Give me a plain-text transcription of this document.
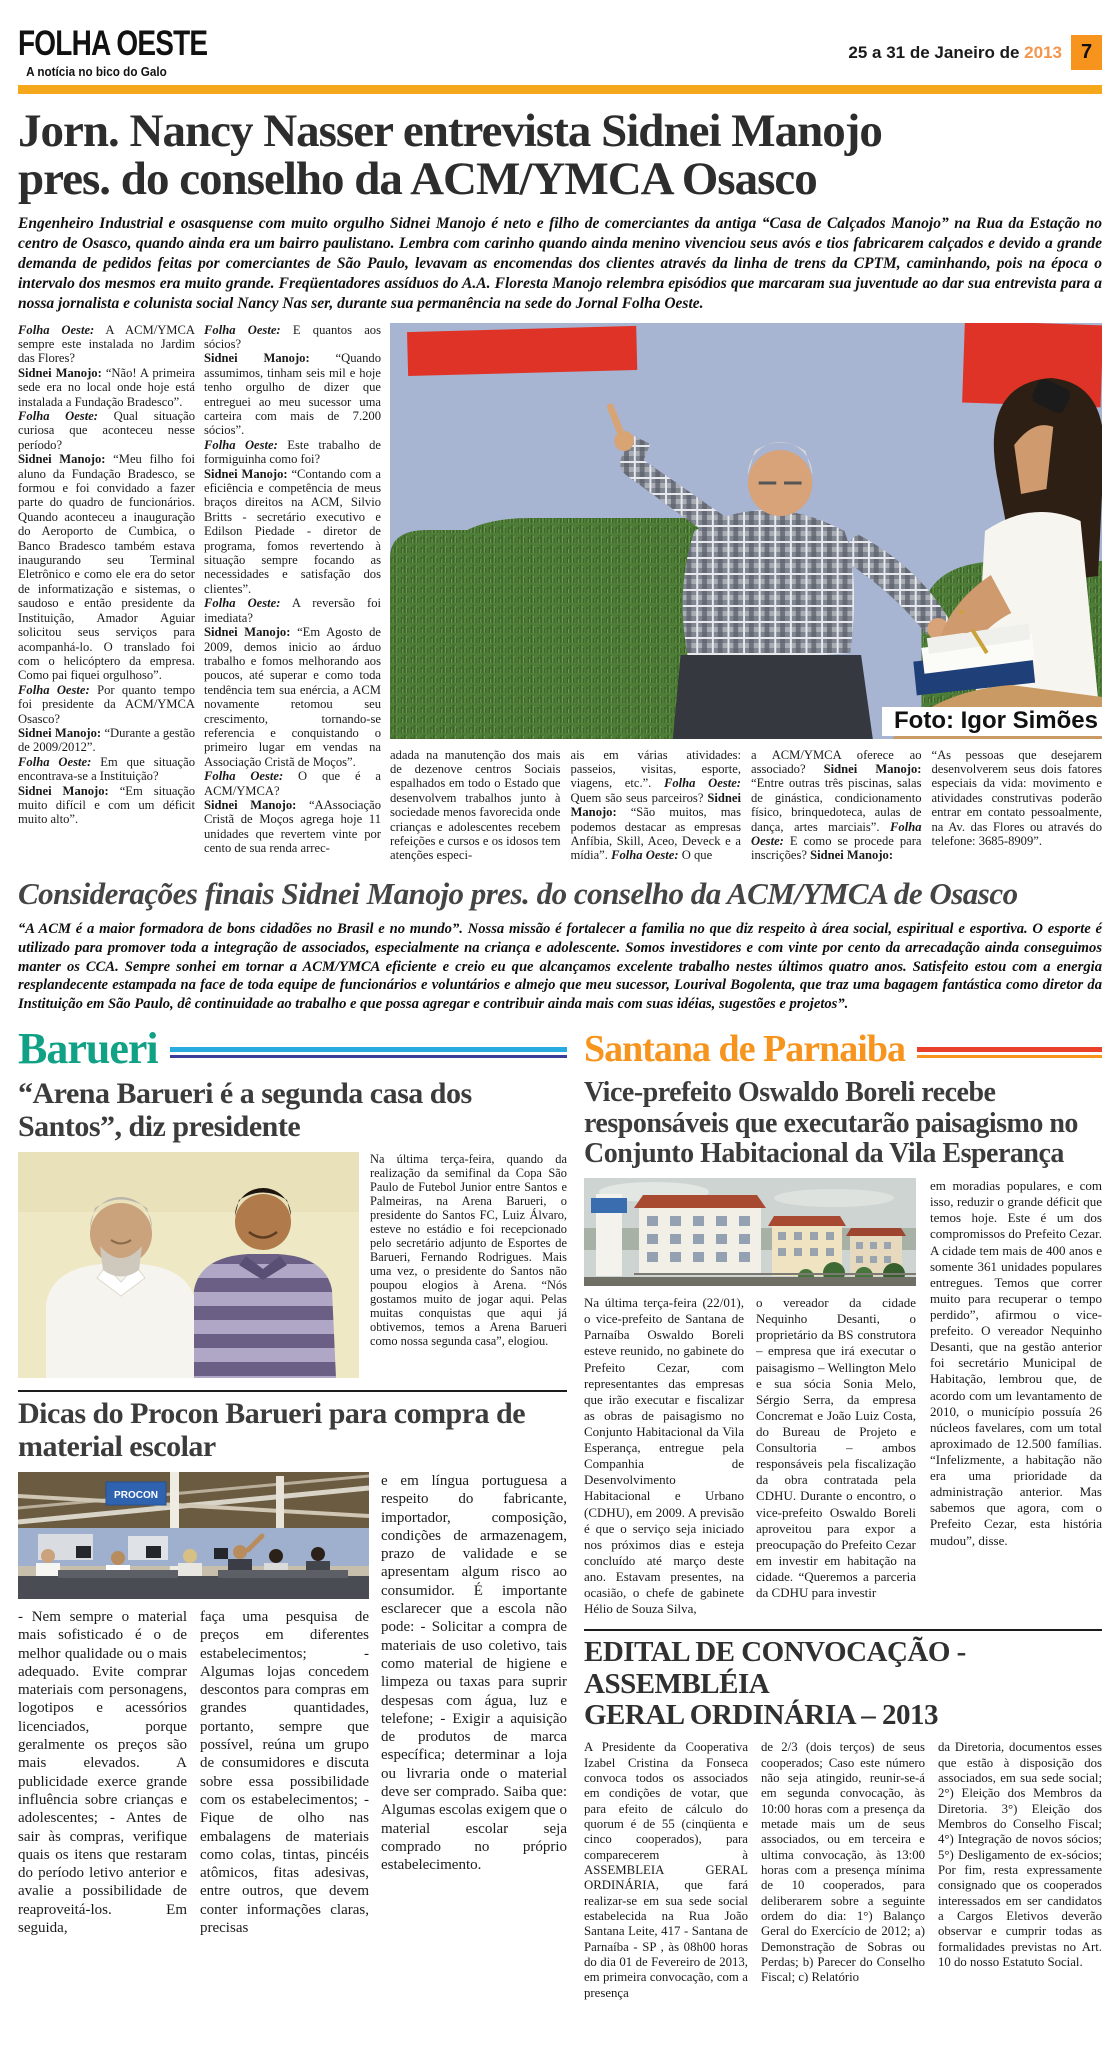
FOLHA OESTE
A notícia no bico do Galo
25 a 31 de Janeiro de 2013 7
Jorn. Nancy Nasser entrevista Sidnei Manojo
pres. do conselho da ACM/YMCA Osasco

Engenheiro Industrial e osasquense com muito orgulho Sidnei Manojo é neto e filho de comerciantes da antiga “Casa de Calçados Manojo” na Rua da Estação no centro de Osasco, quando ainda era um bairro paulistano. Lembra com carinho quando ainda menino vivenciou seus avós e tios fabricarem calçados e devido a grande demanda de pedidos feitas por comerciantes de São Paulo, levavam as encomendas dos clientes através da linha de trens da CPTM, caminhando, pois na época o intervalo dos mesmos era muito grande. Freqüentadores assíduos do A.A. Floresta Manojo relembra episódios que marcaram sua juventude ao dar sua entrevista para a nossa jornalista e colunista social Nancy Nas ser, durante sua permanência na sede do Jornal Folha Oeste.

Folha Oeste: A ACM/YMCA sempre este instalada no Jardim das Flores?
Sidnei Manojo: “Não! A primeira sede era no local onde hoje está instalada a Fundação Bradesco”.
Folha Oeste: Qual situação curiosa que aconteceu nesse período?
Sidnei Manojo: “Meu filho foi aluno da Fundação Bradesco, se formou e foi convidado a fazer parte do quadro de funcionários. Quando aconteceu a inauguração do Aeroporto de Cumbica, o Banco Bradesco também estava inaugurando seu Terminal Eletrônico e como ele era do setor de informatização e sistemas, o saudoso e então presidente da Instituição, Amador Aguiar solicitou seus serviços para acompanhá-lo. O translado foi com o helicóptero da empresa. Como pai fiquei orgulhoso”.
Folha Oeste: Por quanto tempo foi presidente da ACM/YMCA Osasco?
Sidnei Manojo: “Durante a gestão de 2009/2012”.
Folha Oeste: Em que situação encontrava-se a Instituição?
Sidnei Manojo: “Em situação muito difícil e com um déficit muito alto”.
Folha Oeste: E quantos aos sócios?
Sidnei Manojo: “Quando assumimos, tinham seis mil e hoje tenho orgulho de dizer que entreguei ao meu sucessor uma carteira com mais de 7.200 sócios”.
Folha Oeste: Este trabalho de formiguinha como foi?
Sidnei Manojo: “Contando com a eficiência e competência de meus braços direitos na ACM, Silvio Britts - secretário executivo e Edilson Piedade - diretor de programa, fomos revertendo à situação sempre focando as necessidades e satisfação dos clientes”.
Folha Oeste: A reversão foi imediata?
Sidnei Manojo: “Em Agosto de 2009, demos inicio ao árduo trabalho e fomos melhorando aos poucos, até superar e como toda tendência tem sua enércia, a ACM novamente retomou seu crescimento, tornando-se referencia e conquistando o primeiro lugar em vendas na Associação Cristã de Moços”.
Folha Oeste: O que é a ACM/YMCA?
Sidnei Manojo: “AAssociação Cristã de Moços agrega hoje 11 unidades que revertem vinte por cento de sua renda arrec-
Foto: Igor Simões
adada na manutenção dos mais de dezenove centros Sociais espalhados em todo o Estado que desenvolvem trabalhos junto à sociedade menos favorecida onde crianças e adolescentes recebem refeições e cursos e os idosos tem atenções especi-
ais em várias atividades: passeios, visitas, esporte, viagens, etc.”. Folha Oeste: Quem são seus parceiros? Sidnei Manojo: “São muitos, mas podemos destacar as empresas Anfíbia, Skill, Aceo, Deveck e a mídia”. Folha Oeste: O que
a ACM/YMCA oferece ao associado? Sidnei Manojo: “Entre outras três piscinas, salas de ginástica, condicionamento físico, brinquedoteca, aulas de dança, artes marciais”. Folha Oeste: E como se procede para inscrições? Sidnei Manojo:
“As pessoas que desejarem desenvolverem seus dois fatores especiais da vida: movimento e atividades construtivas poderão entrar em contato pessoalmente, na Av. das Flores ou através do telefone: 3685-8909”.
Considerações finais Sidnei Manojo pres. do conselho da ACM/YMCA de Osasco

“A ACM é a maior formadora de bons cidadões no Brasil e no mundo”. Nossa missão é fortalecer a familia no que diz respeito à área social, espiritual e esportiva. O esporte é utilizado para promover toda a integração de associados, especialmente na criança e adolescente. Somos investidores e com vinte por cento da arrecadação ainda conseguimos manter os CCA. Sempre sonhei em tornar a ACM/YMCA eficiente e creio eu que alcançamos excelente trabalho nestes últimos quatro anos. Satisfeito estou com a energia resplandecente estampada na face de toda equipe de funcionários e voluntários e almejo que meu sucessor, Lourival Bogolenta, que traz uma bagagem fantástica como diretor da Instituição em São Paulo, dê continuidade ao trabalho e que possa agregar e contribuir ainda mais com suas idéias, sugestões e projetos”.

Barueri
“Arena Barueri é a segunda casa dos Santos”, diz presidente
Na última terça-feira, quando da realização da semifinal da Copa São Paulo de Futebol Junior entre Santos e Palmeiras, na Arena Barueri, o presidente do Santos FC, Luiz Álvaro, esteve no estádio e foi recepcionado pelo secretário adjunto de Esportes de Barueri, Fernando Rodrigues. Mais uma vez, o presidente do Santos não poupou elogios à Arena. “Nós gostamos muito de jogar aqui. Pelas muitas conquistas que aqui já obtivemos, temos a Arena Barueri como nossa segunda casa”, elogiou.
Dicas do Procon Barueri para compra de material escolar
PROCON
- Nem sempre o material mais sofisticado é o de melhor qualidade ou o mais adequado. Evite comprar materiais com personagens, logotipos e acessórios licenciados, porque geralmente os preços são mais elevados. A publicidade exerce grande influência sobre crianças e adolescentes; - Antes de sair às compras, verifique quais os itens que restaram do período letivo anterior e avalie a possibilidade de reaproveitá-los. Em seguida,
faça uma pesquisa de preços em diferentes estabelecimentos; - Algumas lojas concedem descontos para compras em grandes quantidades, portanto, sempre que possível, reúna um grupo de consumidores e discuta sobre essa possibilidade com os estabelecimentos; - Fique de olho nas embalagens de materiais como colas, tintas, pincéis atômicos, fitas adesivas, entre outros, que devem conter informações claras, precisas
e em língua portuguesa a respeito do fabricante, importador, composição, condições de armazenagem, prazo de validade e se apresentam algum risco ao consumidor. É importante esclarecer que a escola não pode: - Solicitar a compra de materiais de uso coletivo, tais como material de higiene e limpeza ou taxas para suprir despesas com água, luz e telefone; - Exigir a aquisição de produtos de marca específica; determinar a loja ou livraria onde o material deve ser comprado. Saiba que: Algumas escolas exigem que o material escolar seja comprado no próprio estabelecimento.
Santana de Parnaiba
Vice-prefeito Oswaldo Boreli recebe responsáveis que executarão paisagismo no Conjunto Habitacional da Vila Esperança
Na última terça-feira (22/01), o vice-prefeito de Santana de Parnaíba Oswaldo Boreli esteve reunido, no gabinete do Prefeito Cezar, com representantes das empresas que irão executar e fiscalizar as obras de paisagismo no Conjunto Habitacional da Vila Esperança, entregue pela Companhia de Desenvolvimento Habitacional e Urbano (CDHU), em 2009. A previsão é que o serviço seja iniciado nos próximos dias e esteja concluído até março deste ano. Estavam presentes, na ocasião, o chefe de gabinete Hélio de Souza Silva,
o vereador da cidade Nequinho Desanti, o proprietário da BS construtora – empresa que irá executar o paisagismo – Wellington Melo e sua sócia Sonia Melo, Sérgio Serra, da empresa Concremat e João Luiz Costa, do Bureau de Projeto e Consultoria – ambos responsáveis pela fiscalização da obra contratada pela CDHU. Durante o encontro, o vice-prefeito Oswaldo Boreli aproveitou para expor a preocupação do Prefeito Cezar em investir em habitação na cidade. “Queremos a parceria da CDHU para investir
em moradias populares, e com isso, reduzir o grande déficit que temos hoje. Este é um dos compromissos do Prefeito Cezar. A cidade tem mais de 400 anos e somente 361 unidades populares entregues. Temos que correr muito para recuperar o tempo perdido”, afirmou o vice-prefeito. O vereador Nequinho Desanti, que na gestão anterior foi secretário Municipal de Habitação, lembrou que, de acordo com um levantamento de 2010, o município possuía 26 núcleos favelares, com um total aproximado de 12.500 famílias. “Infelizmente, a habitação não era uma prioridade da administração anterior. Mas sabemos que agora, com o Prefeito Cezar, esta história mudou”, disse.
EDITAL DE CONVOCAÇÃO - ASSEMBLÉIA
GERAL ORDINÁRIA – 2013
A Presidente da Cooperativa Izabel Cristina da Fonseca convoca todos os associados em condições de votar, que para efeito de cálculo do quorum é de 55 (cinqüenta e cinco cooperados), para comparecerem à ASSEMBLEIA GERAL ORDINÁRIA, que fará realizar-se em sua sede social estabelecida na Rua João Santana Leite, 417 - Santana de Parnaíba - SP , às 08h00 horas do dia 01 de Fevereiro de 2013, em primeira convocação, com a presença
de 2/3 (dois terços) de seus cooperados; Caso este número não seja atingido, reunir-se-á em segunda convocação, às 10:00 horas com a presença da metade mais um de seus associados, ou em terceira e ultima convocação, às 13:00 horas com a presença mínima de 10 cooperados, para deliberarem sobre a seguinte ordem do dia: 1°) Balanço Geral do Exercício de 2012; a) Demonstração de Sobras ou Perdas; b) Parecer do Conselho Fiscal; c) Relatório
da Diretoria, documentos esses que estão à disposição dos associados, em sua sede social; 2°) Eleição dos Membros da Diretoria. 3°) Eleição dos Membros do Conselho Fiscal; 4°) Integração de novos sócios; 5°) Desligamento de ex-sócios; Por fim, resta expressamente consignado que os cooperados interessados em ser candidatos a Cargos Eletivos deverão observar e cumprir todas as formalidades previstas no Art. 10 do nosso Estatuto Social.
